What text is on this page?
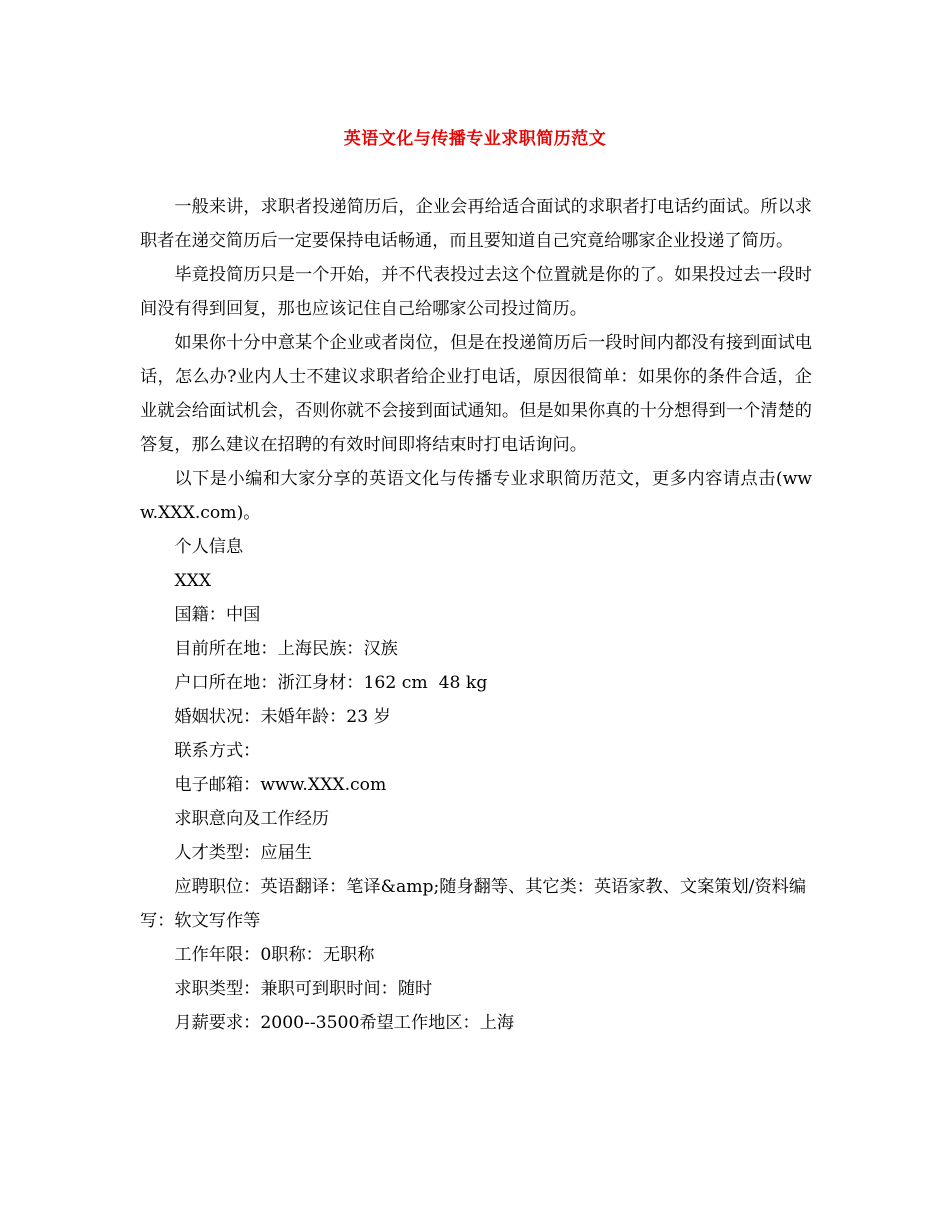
英语文化与传播专业求职简历范文

一般来讲，求职者投递简历后，企业会再给适合面试的求职者打电话约面试。所以求职者在递交简历后一定要保持电话畅通，而且要知道自己究竟给哪家企业投递了简历。

毕竟投简历只是一个开始，并不代表投过去这个位置就是你的了。如果投过去一段时间没有得到回复，那也应该记住自己给哪家公司投过简历。

如果你十分中意某个企业或者岗位，但是在投递简历后一段时间内都没有接到面试电话，怎么办?业内人士不建议求职者给企业打电话，原因很简单：如果你的条件合适，企业就会给面试机会，否则你就不会接到面试通知。但是如果你真的十分想得到一个清楚的答复，那么建议在招聘的有效时间即将结束时打电话询问。

以下是小编和大家分享的英语文化与传播专业求职简历范文，更多内容请点击(www.XXX.com)。

个人信息

XXX

国籍：中国

目前所在地：上海民族：汉族

户口所在地：浙江身材：162 cm  48 kg

婚姻状况：未婚年龄：23 岁

联系方式：

电子邮箱：www.XXX.com

求职意向及工作经历

人才类型：应届生

应聘职位：英语翻译：笔译&amp;随身翻等、其它类：英语家教、文案策划/资料编写：软文写作等

工作年限：0职称：无职称

求职类型：兼职可到职时间：随时

月薪要求：2000--3500希望工作地区：上海
